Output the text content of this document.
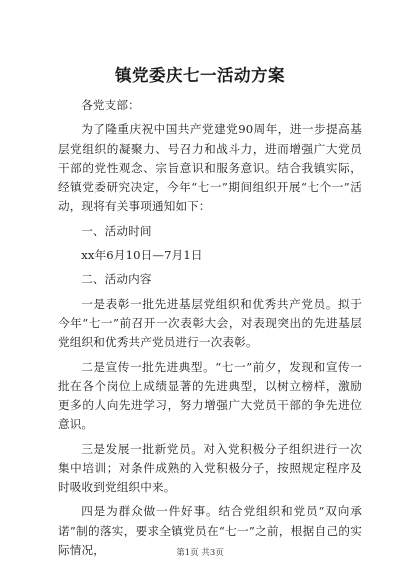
镇党委庆七一活动方案

各党支部：

为了隆重庆祝中国共产党建党90周年，进一步提高基层党组织的凝聚力、号召力和战斗力，进而增强广大党员干部的党性观念、宗旨意识和服务意识。结合我镇实际，经镇党委研究决定，今年“七一”期间组织开展“七个一”活动，现将有关事项通知如下：

一、活动时间

xx年6月10日—7月1日

二、活动内容

一是表彰一批先进基层党组织和优秀共产党员。拟于今年“七一”前召开一次表彰大会，对表现突出的先进基层党组织和优秀共产党员进行一次表彰。

二是宣传一批先进典型。“七一”前夕，发现和宣传一批在各个岗位上成绩显著的先进典型，以树立榜样，激励更多的人向先进学习，努力增强广大党员干部的争先进位意识。

三是发展一批新党员。对入党积极分子组织进行一次集中培训；对条件成熟的入党积极分子，按照规定程序及时吸收到党组织中来。

四是为群众做一件好事。结合党组织和党员“双向承诺”制的落实，要求全镇党员在“七一”之前，根据自己的实际情况，	第1页 共3页
